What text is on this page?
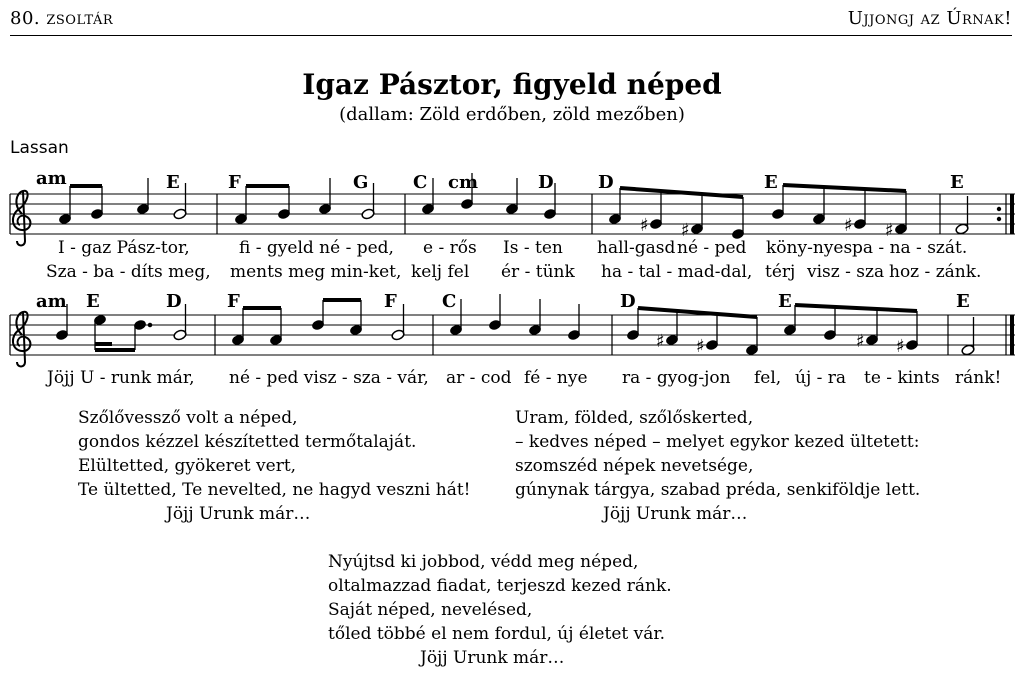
80. zsoltár	Ujjongj az Úrnak!
Igaz Pásztor, figyeld néped
(dallam: Zöld erdőben, zöld mezőben)
Lassan
♯ ♯	♯ ♯
♯ ♯	♯ ♯
am	E	F	G C cm	D D	E	E
I - gaz Pász‑tor,	fi - gyeld né - ped, e - rős Is - ten hall‑gasd né - ped köny‑nyes pa - na - szát.
Sza - ba - díts meg, ments meg min‑ket, kelj fel ér - tünk ha - tal - mad‑dal, térj visz - sza hoz - zánk.
am E	D	F	F	C	D	E	E
Jöjj U - runk már, né - ped visz - sza - vár, ar - cod fé - nye ra - gyog‑jon fel, új - ra te - kints ránk!
Szőlővessző volt a néped,
gondos kézzel készítetted termőtalaját.
Elültetted, gyökeret vert,
Te ültetted, Te nevelted, ne hagyd veszni hát!
Jöjj Urunk már…
Uram, földed, szőlőskerted,
– kedves néped – melyet egykor kezed ültetett:
szomszéd népek nevetsége,
gúnynak tárgya, szabad préda, senkiföldje lett.
Jöjj Urunk már…
Nyújtsd ki jobbod, védd meg néped,
oltalmazzad fiadat, terjeszd kezed ránk.
Saját néped, nevelésed,
tőled többé el nem fordul, új életet vár.
Jöjj Urunk már…
